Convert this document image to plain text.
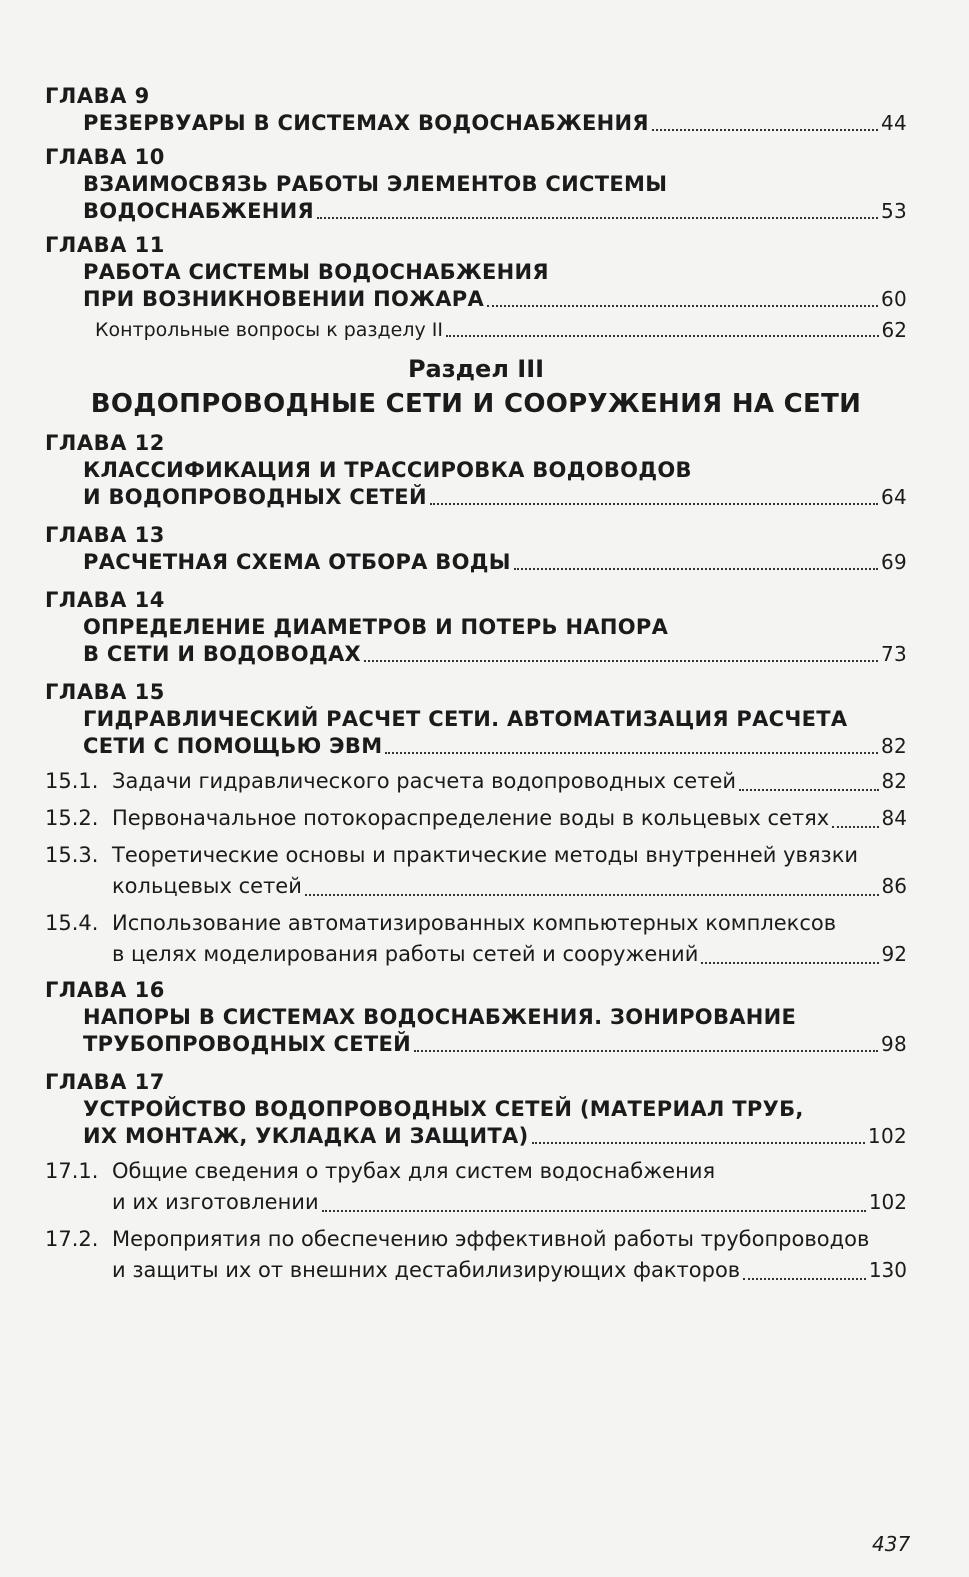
ГЛАВА 9
РЕЗЕРВУАРЫ В СИСТЕМАХ ВОДОСНАБЖЕНИЯ	44
ГЛАВА 10
ВЗАИМОСВЯЗЬ РАБОТЫ ЭЛЕМЕНТОВ СИСТЕМЫ
ВОДОСНАБЖЕНИЯ	53
ГЛАВА 11
РАБОТА СИСТЕМЫ ВОДОСНАБЖЕНИЯ
ПРИ ВОЗНИКНОВЕНИИ ПОЖАРА	60
Контрольные вопросы к разделу II	62
Раздел III
ВОДОПРОВОДНЫЕ СЕТИ И СООРУЖЕНИЯ НА СЕТИ
ГЛАВА 12
КЛАССИФИКАЦИЯ И ТРАССИРОВКА ВОДОВОДОВ
И ВОДОПРОВОДНЫХ СЕТЕЙ	64
ГЛАВА 13
РАСЧЕТНАЯ СХЕМА ОТБОРА ВОДЫ	69
ГЛАВА 14
ОПРЕДЕЛЕНИЕ ДИАМЕТРОВ И ПОТЕРЬ НАПОРА
В СЕТИ И ВОДОВОДАХ	73
ГЛАВА 15
ГИДРАВЛИЧЕСКИЙ РАСЧЕТ СЕТИ. АВТОМАТИЗАЦИЯ РАСЧЕТА
СЕТИ С ПОМОЩЬЮ ЭВМ	82
15.1. Задачи гидравлического расчета водопроводных сетей	82
15.2. Первоначальное потокораспределение воды в кольцевых сетях	84
15.3. Теоретические основы и практические методы внутренней увязки
кольцевых сетей	86
15.4. Использование автоматизированных компьютерных комплексов
в целях моделирования работы сетей и сооружений	92
ГЛАВА 16
НАПОРЫ В СИСТЕМАХ ВОДОСНАБЖЕНИЯ. ЗОНИРОВАНИЕ
ТРУБОПРОВОДНЫХ СЕТЕЙ	98
ГЛАВА 17
УСТРОЙСТВО ВОДОПРОВОДНЫХ СЕТЕЙ (МАТЕРИАЛ ТРУБ,
ИХ МОНТАЖ, УКЛАДКА И ЗАЩИТА)	102
17.1. Общие сведения о трубах для систем водоснабжения
и их изготовлении	102
17.2. Мероприятия по обеспечению эффективной работы трубопроводов
и защиты их от внешних дестабилизирующих факторов	130
437
